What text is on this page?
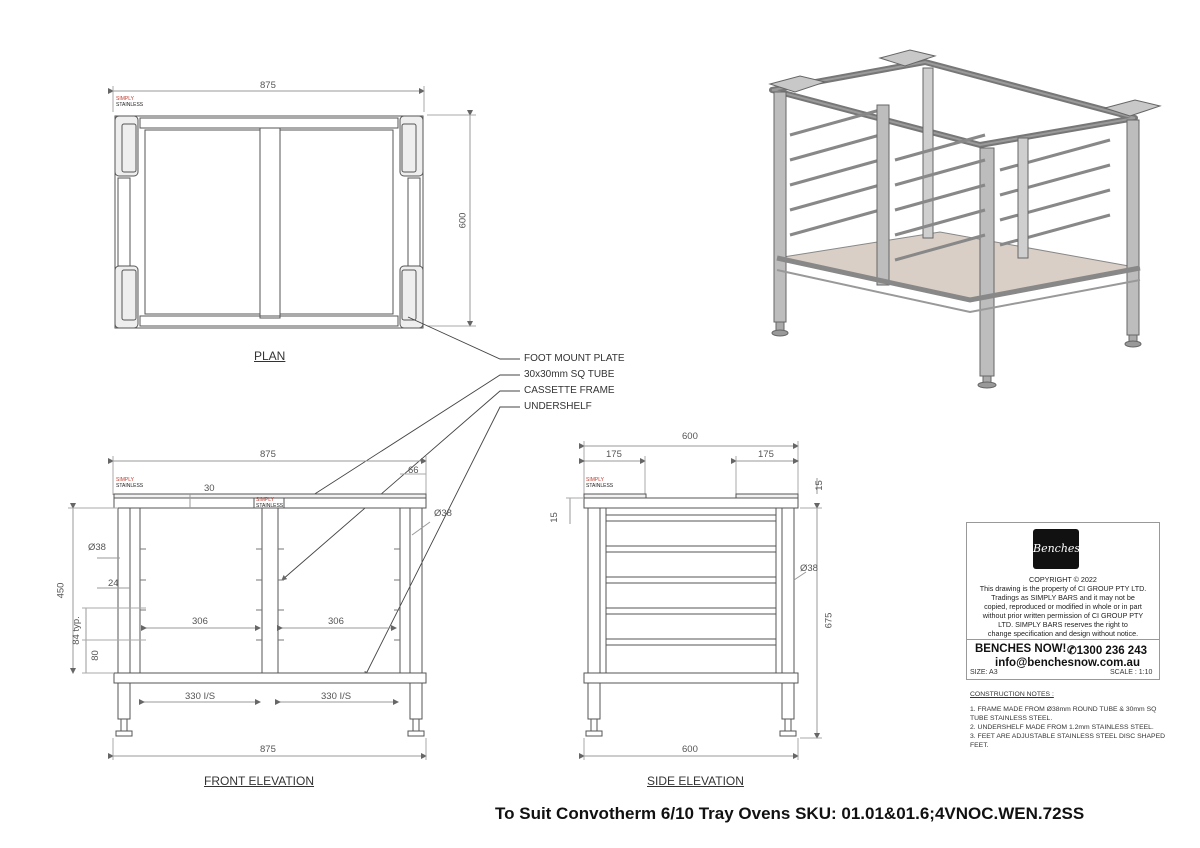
875
600
SIMPLY
STAINLESS
PLAN	FOOT MOUNT PLATE
30x30mm SQ TUBE
CASSETTE FRAME
UNDERSHELF
875
66
30
Ø38
Ø38
24
450
84 typ.
80
306	306
330 I/S	330 I/S
875
SIMPLY
STAINLESS
SIMPLY
STAINLESS
FRONT ELEVATION
600
175	175
15
15
Ø38
675
600
SIMPLY
STAINLESS
SIDE ELEVATION
Benches
COPYRIGHT © 2022
This drawing is the property of CI GROUP PTY LTD.
Tradings as SIMPLY BARS and it may not be
copied, reproduced or modified in whole or in part
without prior written permission of CI GROUP PTY
LTD. SIMPLY BARS reserves the right to
change specification and design without notice.
BENCHES NOW! ✆1300 236 243
info@benchesnow.com.au
SIZE: A3	SCALE : 1:10
CONSTRUCTION NOTES :
1. FRAME MADE FROM Ø38mm ROUND TUBE & 30mm SQ TUBE STAINLESS STEEL.
2. UNDERSHELF MADE FROM 1.2mm STAINLESS STEEL.
3. FEET ARE ADJUSTABLE STAINLESS STEEL DISC SHAPED FEET.
To Suit Convotherm 6/10 Tray Ovens SKU: 01.01&01.6;4VNOC.WEN.72SS
